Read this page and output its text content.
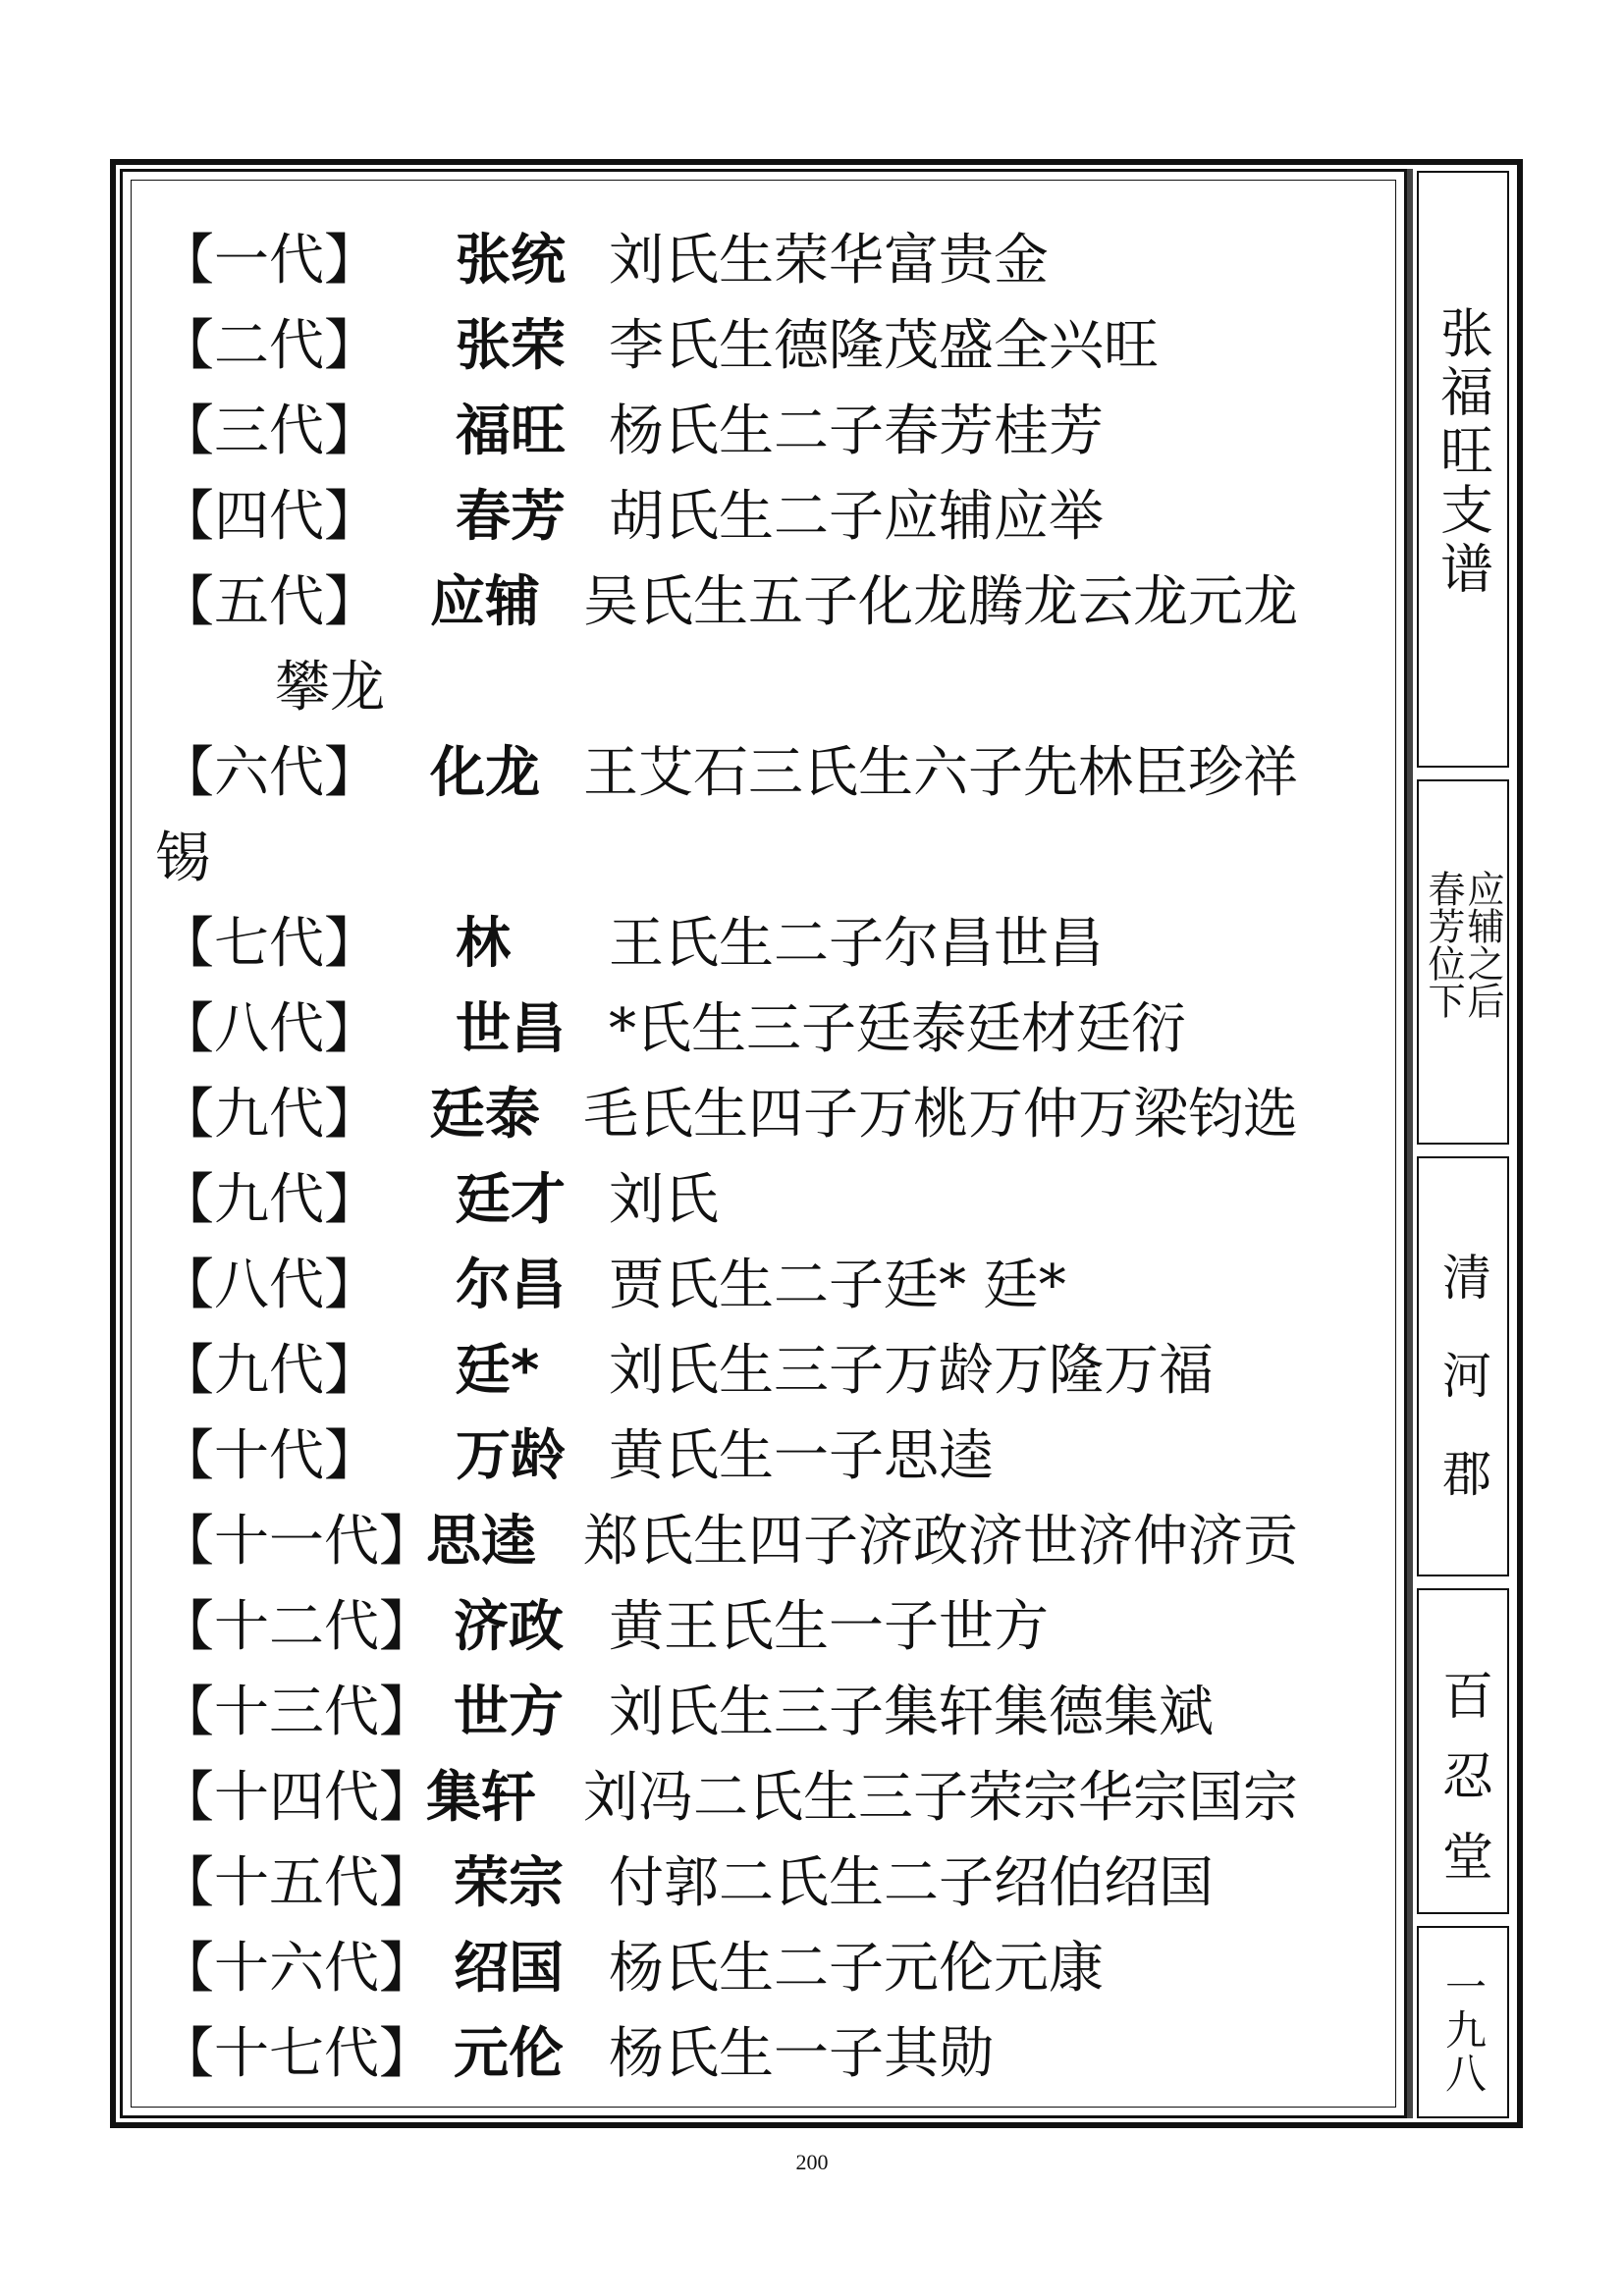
张福旺支谱
春芳位下
应辅之后
清河郡
百忍堂
一九八
【一代】 张统 刘氏生荣华富贵金
【二代】 张荣 李氏生德隆茂盛全兴旺
【三代】 福旺 杨氏生二子春芳桂芳
【四代】 春芳 胡氏生二子应辅应举
【五代】 应辅 吴氏生五子化龙腾龙云龙元龙
攀龙
【六代】 化龙 王艾石三氏生六子先林臣珍祥
锡
【七代】 林 王氏生二子尔昌世昌
【八代】 世昌 *氏生三子廷泰廷材廷衍
【九代】 廷泰 毛氏生四子万桃万仲万梁钧选
【九代】 廷才 刘氏
【八代】 尔昌 贾氏生二子廷* 廷*
【九代】 廷* 刘氏生三子万龄万隆万福
【十代】 万龄 黄氏生一子思逵
【十一代】
思逵 郑氏生四子济政济世济仲济贡
【十二代】 济政 黄王氏生一子世方
【十三代】 世方 刘氏生三子集轩集德集斌
【十四代】
集轩 刘冯二氏生三子荣宗华宗国宗
【十五代】 荣宗 付郭二氏生二子绍伯绍国
【十六代】 绍国 杨氏生二子元伦元康
【十七代】 元伦 杨氏生一子其勋
200
